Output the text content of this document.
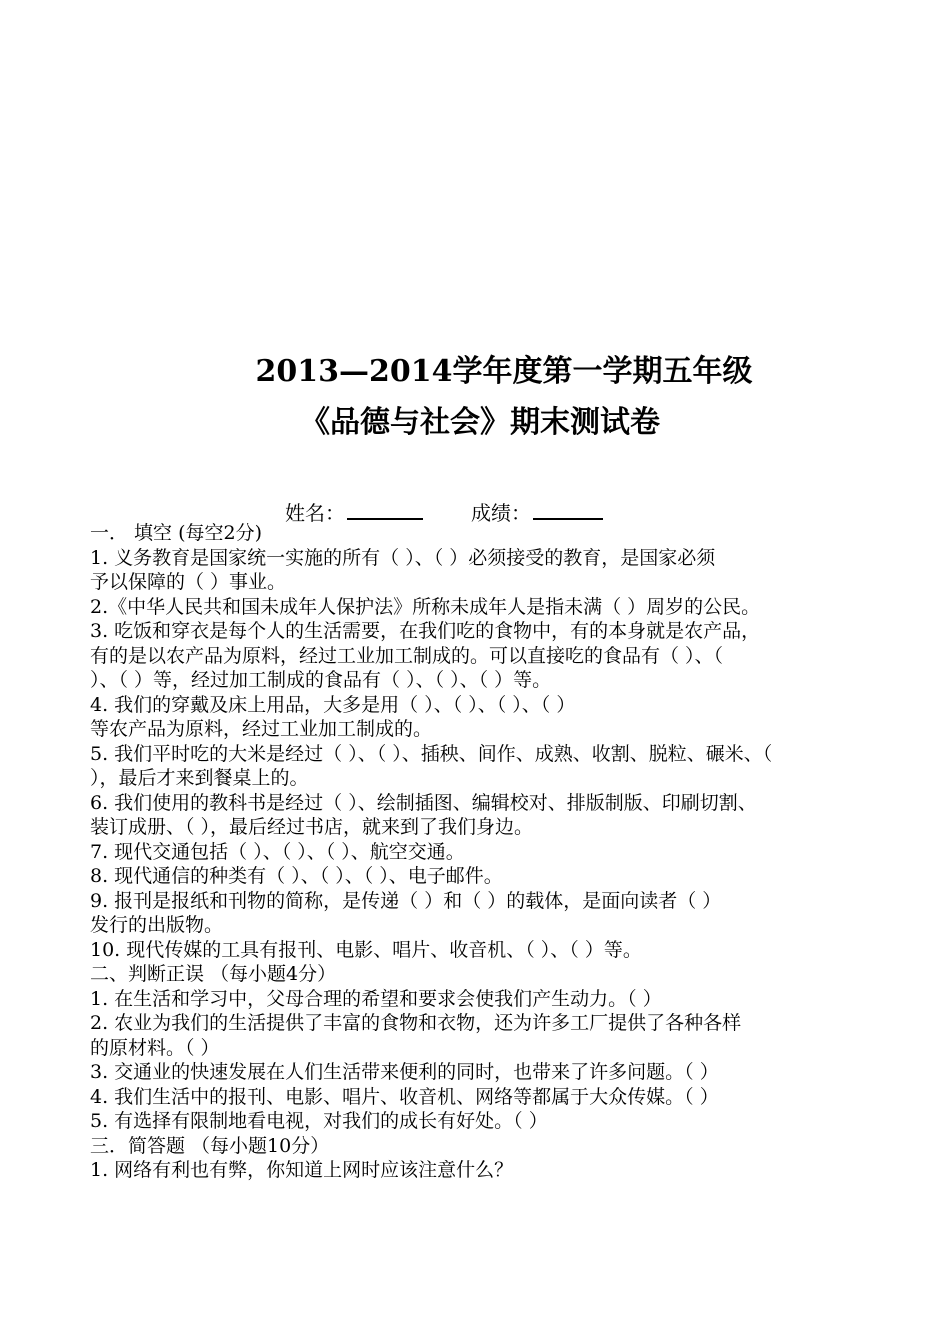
2013—2014学年度第一学期五年级
《品德与社会》期末测试卷
姓名：	成绩：
一． 填空 (每空2分)
1. 义务教育是国家统一实施的所有（ ）、（ ）必须接受的教育，是国家必须
予以保障的（ ）事业。
2.《中华人民共和国未成年人保护法》所称未成年人是指未满（ ）周岁的公民。
3. 吃饭和穿衣是每个人的生活需要，在我们吃的食物中，有的本身就是农产品，
有的是以农产品为原料，经过工业加工制成的。可以直接吃的食品有（ ）、（
）、（ ）等，经过加工制成的食品有（ ）、（ ）、（ ）等。
4. 我们的穿戴及床上用品，大多是用（ ）、（ ）、（ ）、（ ）
等农产品为原料，经过工业加工制成的。
5. 我们平时吃的大米是经过（ ）、（ ）、插秧、间作、成熟、收割、脱粒、碾米、（
），最后才来到餐桌上的。
6. 我们使用的教科书是经过（ ）、绘制插图、编辑校对、排版制版、印刷切割、
装订成册、（ ），最后经过书店，就来到了我们身边。
7. 现代交通包括（ ）、（ ）、（ ）、航空交通。
8. 现代通信的种类有（ ）、（ ）、（ ）、电子邮件。
9. 报刊是报纸和刊物的简称，是传递（ ）和（ ）的载体，是面向读者（ ）
发行的出版物。
10. 现代传媒的工具有报刊、电影、唱片、收音机、（ ）、（ ）等。
二、判断正误 （每小题4分）
1. 在生活和学习中，父母合理的希望和要求会使我们产生动力。（ ）
2. 农业为我们的生活提供了丰富的食物和衣物，还为许多工厂提供了各种各样
的原材料。（ ）
3. 交通业的快速发展在人们生活带来便利的同时，也带来了许多问题。（ ）
4. 我们生活中的报刊、电影、唱片、收音机、网络等都属于大众传媒。（ ）
5. 有选择有限制地看电视，对我们的成长有好处。（ ）
三．简答题 （每小题10分）
1. 网络有利也有弊，你知道上网时应该注意什么？
